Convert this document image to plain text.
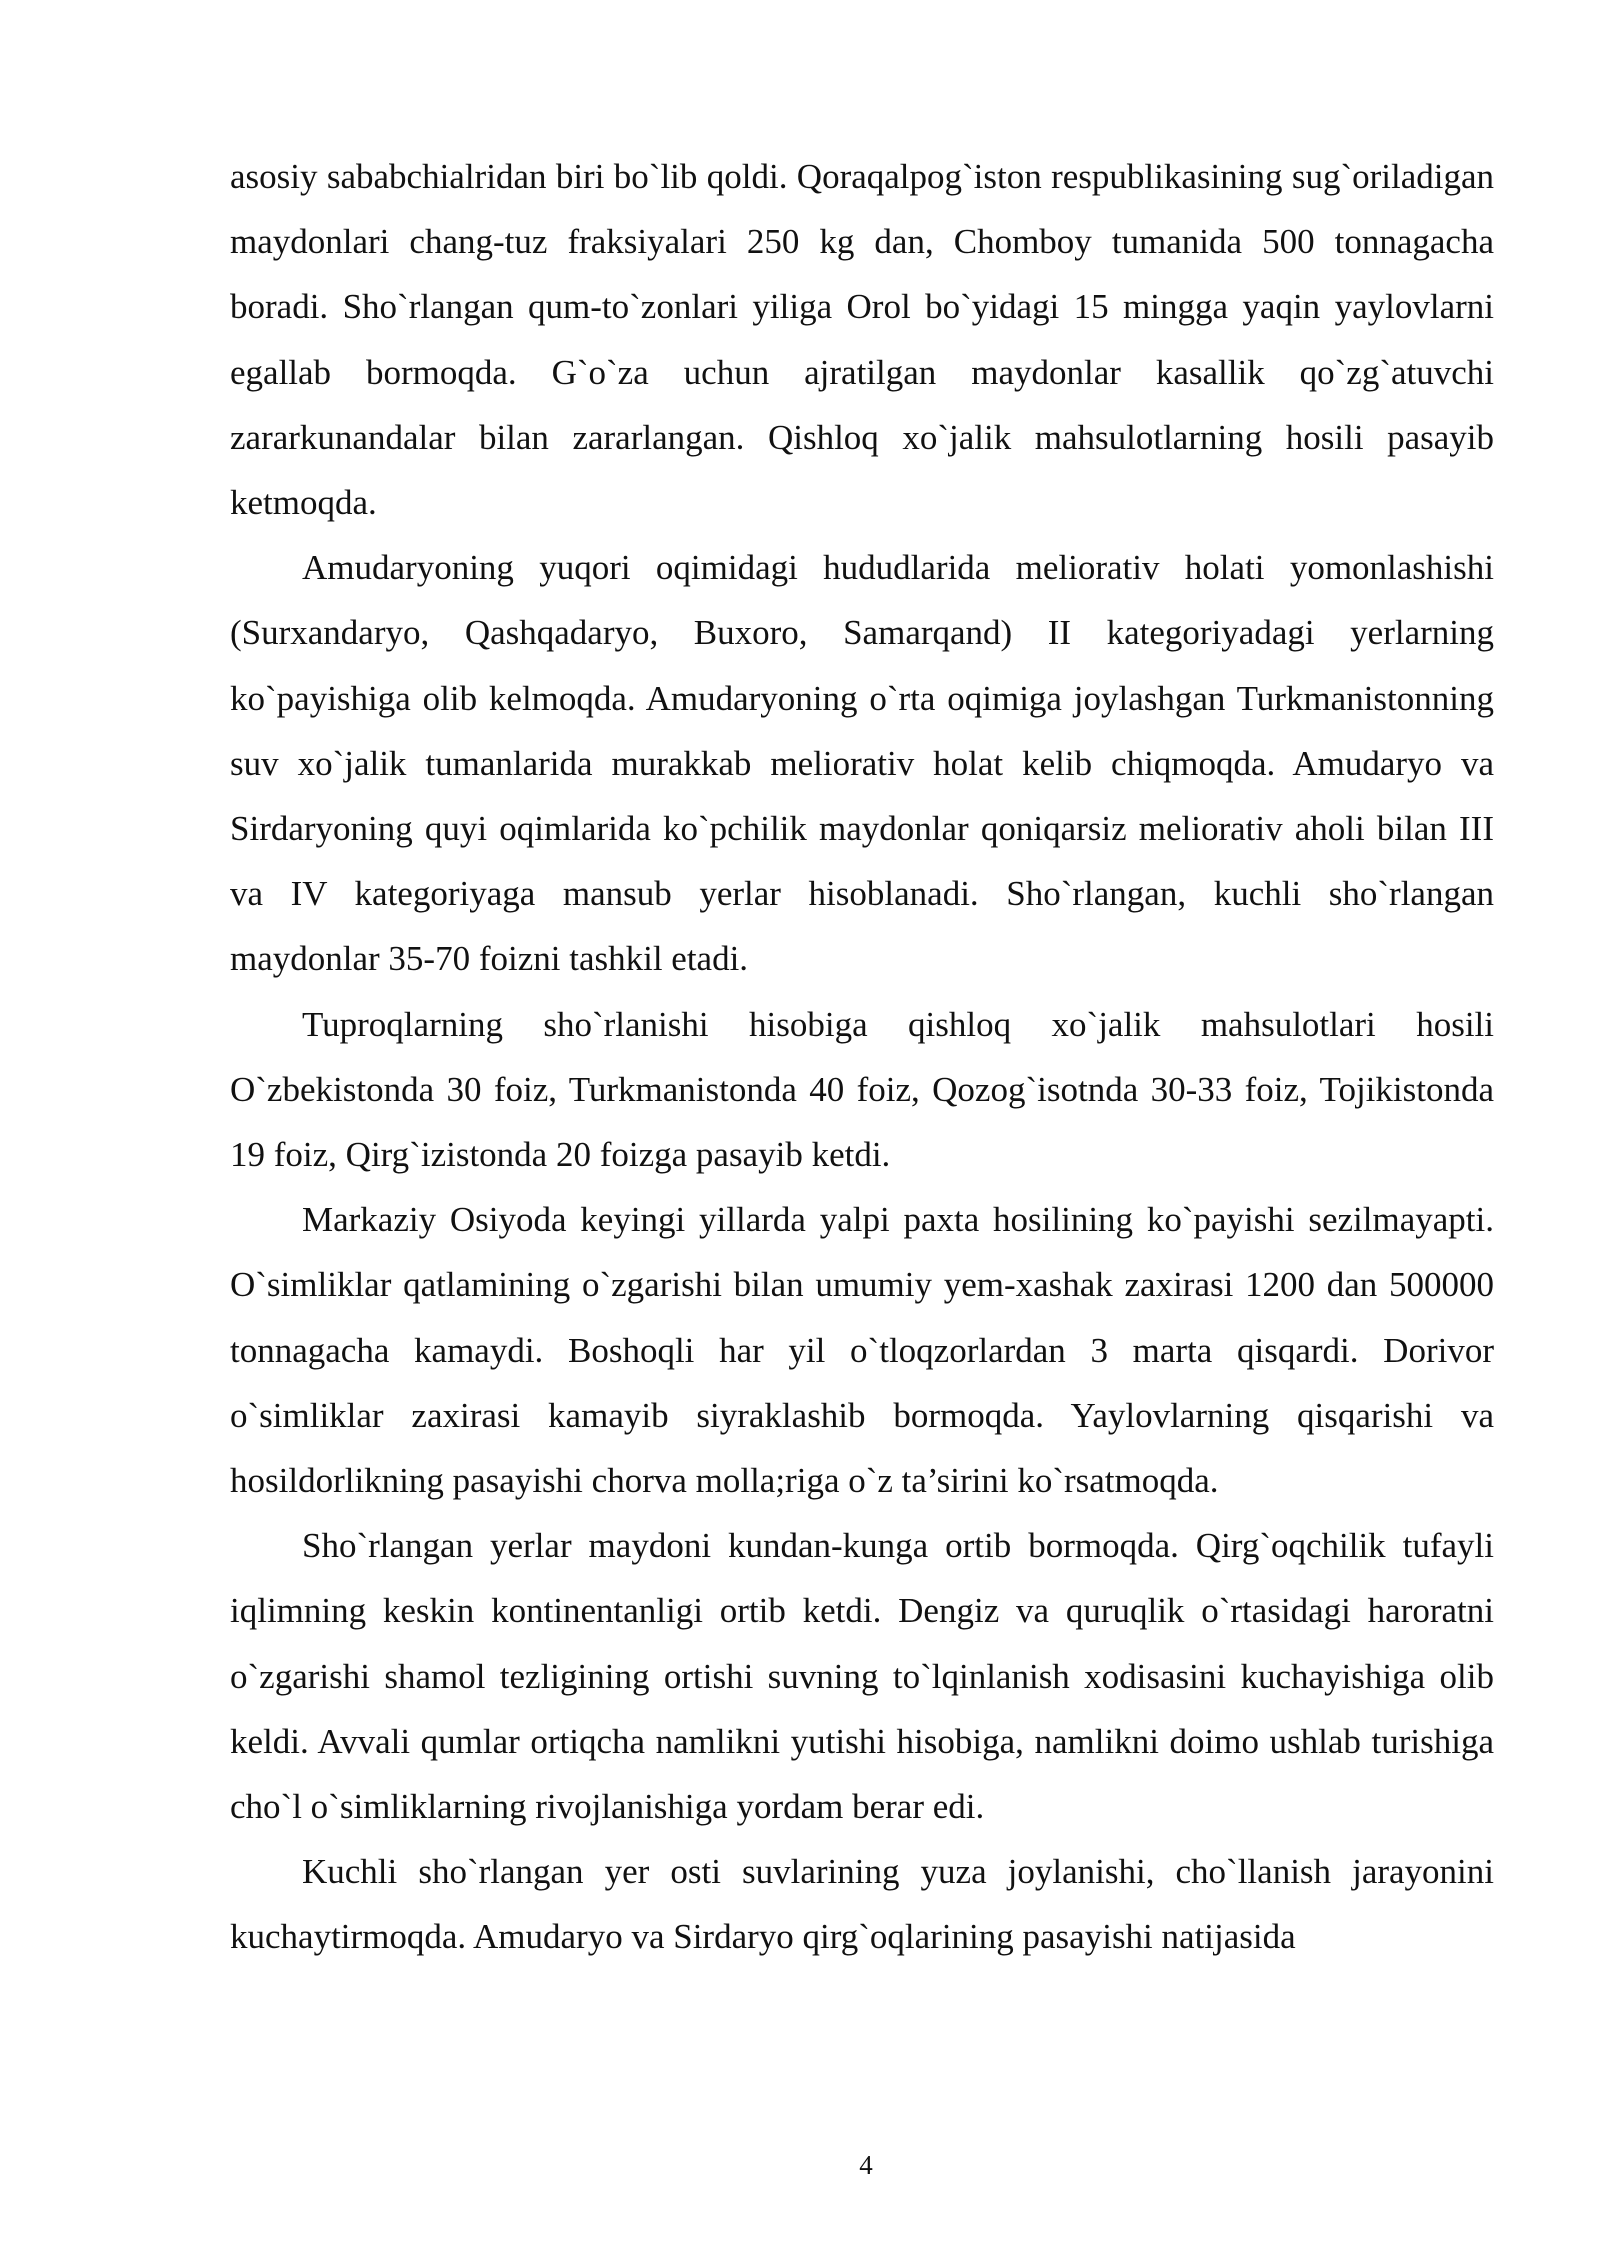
asosiy sababchialridan biri bo`lib qoldi. Qoraqalpog`iston respublikasining sug`oriladigan maydonlari chang-tuz fraksiyalari 250 kg dan, Chomboy tumanida 500 tonnagacha boradi. Sho`rlangan qum-to`zonlari yiliga Orol bo`yidagi 15 mingga yaqin yaylovlarni egallab bormoqda. G`o`za uchun ajratilgan maydonlar kasallik qo`zg`atuvchi zararkunandalar bilan zararlangan. Qishloq xo`jalik mahsulotlarning hosili pasayib ketmoqda.

Amudaryoning yuqori oqimidagi hududlarida meliorativ holati yomonlashishi (Surxandaryo, Qashqadaryo, Buxoro, Samarqand) II kategoriyadagi yerlarning ko`payishiga olib kelmoqda. Amudaryoning o`rta oqimiga joylashgan Turkmanistonning suv xo`jalik tumanlarida murakkab meliorativ holat kelib chiqmoqda. Amudaryo va Sirdaryoning quyi oqimlarida ko`pchilik maydonlar qoniqarsiz meliorativ aholi bilan III va IV kategoriyaga mansub yerlar hisoblanadi. Sho`rlangan, kuchli sho`rlangan maydonlar 35-70 foizni tashkil etadi.

Tuproqlarning sho`rlanishi hisobiga qishloq xo`jalik mahsulotlari hosili O`zbekistonda 30 foiz, Turkmanistonda 40 foiz, Qozog`isotnda 30-33 foiz, Tojikistonda 19 foiz, Qirg`izistonda 20 foizga pasayib ketdi.

Markaziy Osiyoda keyingi yillarda yalpi paxta hosilining ko`payishi sezilmayapti. O`simliklar qatlamining o`zgarishi bilan umumiy yem-xashak zaxirasi 1200 dan 500000 tonnagacha kamaydi. Boshoqli har yil o`tloqzorlardan 3 marta qisqardi. Dorivor o`simliklar zaxirasi kamayib siyraklashib bormoqda. Yaylovlarning qisqarishi va hosildorlikning pasayishi chorva molla;riga o`z ta’sirini ko`rsatmoqda.

Sho`rlangan yerlar maydoni kundan-kunga ortib bormoqda. Qirg`oqchilik tufayli iqlimning keskin kontinentanligi ortib ketdi. Dengiz va quruqlik o`rtasidagi haroratni o`zgarishi shamol tezligining ortishi suvning to`lqinlanish xodisasini kuchayishiga olib keldi. Avvali qumlar ortiqcha namlikni yutishi hisobiga, namlikni doimo ushlab turishiga cho`l o`simliklarning rivojlanishiga yordam berar edi.

Kuchli sho`rlangan yer osti suvlarining yuza joylanishi, cho`llanish jarayonini kuchaytirmoqda. Amudaryo va Sirdaryo qirg`oqlarining pasayishi natijasida

4
